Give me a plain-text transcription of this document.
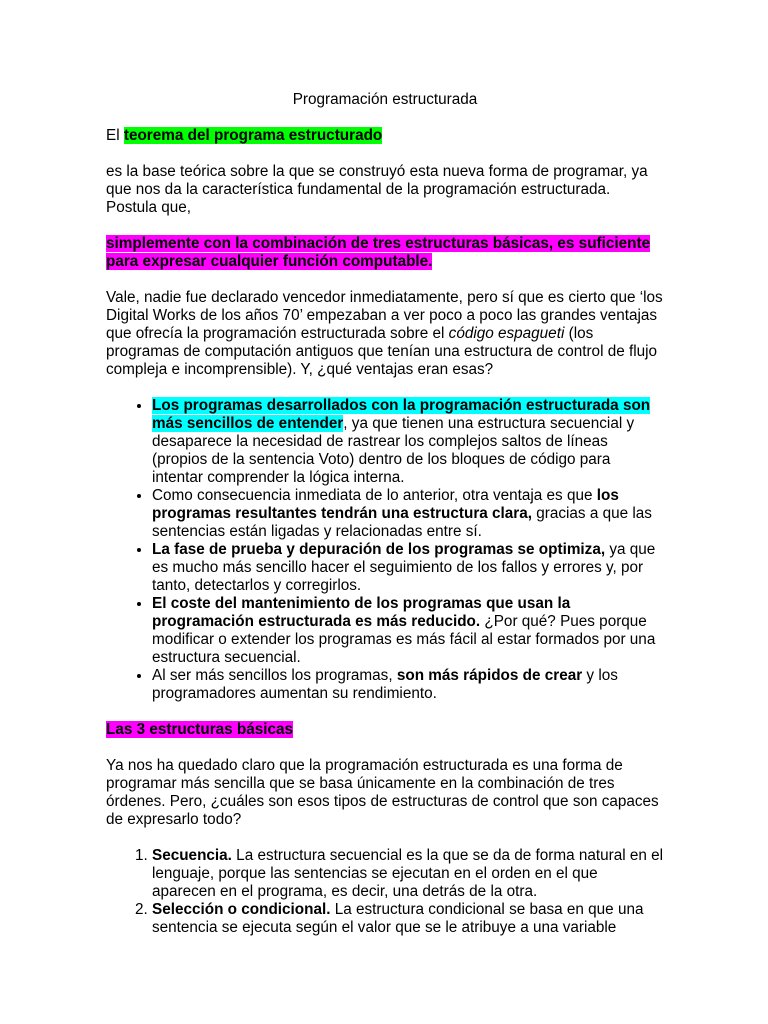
Programación estructurada

El teorema del programa estructurado

es la base teórica sobre la que se construyó esta nueva forma de programar, ya que nos da la característica fundamental de la programación estructurada. Postula que,

simplemente con la combinación de tres estructuras básicas, es suficiente para expresar cualquier función computable.

Vale, nadie fue declarado vencedor inmediatamente, pero sí que es cierto que ‘los Digital Works de los años 70’ empezaban a ver poco a poco las grandes ventajas que ofrecía la programación estructurada sobre el código espagueti (los programas de computación antiguos que tenían una estructura de control de flujo compleja e incomprensible). Y, ¿qué ventajas eran esas?

• Los programas desarrollados con la programación estructurada son más sencillos de entender, ya que tienen una estructura secuencial y desaparece la necesidad de rastrear los complejos saltos de líneas (propios de la sentencia Voto) dentro de los bloques de código para intentar comprender la lógica interna.
• Como consecuencia inmediata de lo anterior, otra ventaja es que los programas resultantes tendrán una estructura clara, gracias a que las sentencias están ligadas y relacionadas entre sí.
• La fase de prueba y depuración de los programas se optimiza, ya que es mucho más sencillo hacer el seguimiento de los fallos y errores y, por tanto, detectarlos y corregirlos.
• El coste del mantenimiento de los programas que usan la programación estructurada es más reducido. ¿Por qué? Pues porque modificar o extender los programas es más fácil al estar formados por una estructura secuencial.
• Al ser más sencillos los programas, son más rápidos de crear y los programadores aumentan su rendimiento.

Las 3 estructuras básicas

Ya nos ha quedado claro que la programación estructurada es una forma de programar más sencilla que se basa únicamente en la combinación de tres órdenes. Pero, ¿cuáles son esos tipos de estructuras de control que son capaces de expresarlo todo?

1. Secuencia. La estructura secuencial es la que se da de forma natural en el lenguaje, porque las sentencias se ejecutan en el orden en el que aparecen en el programa, es decir, una detrás de la otra.
2. Selección o condicional. La estructura condicional se basa en que una sentencia se ejecuta según el valor que se le atribuye a una variable
